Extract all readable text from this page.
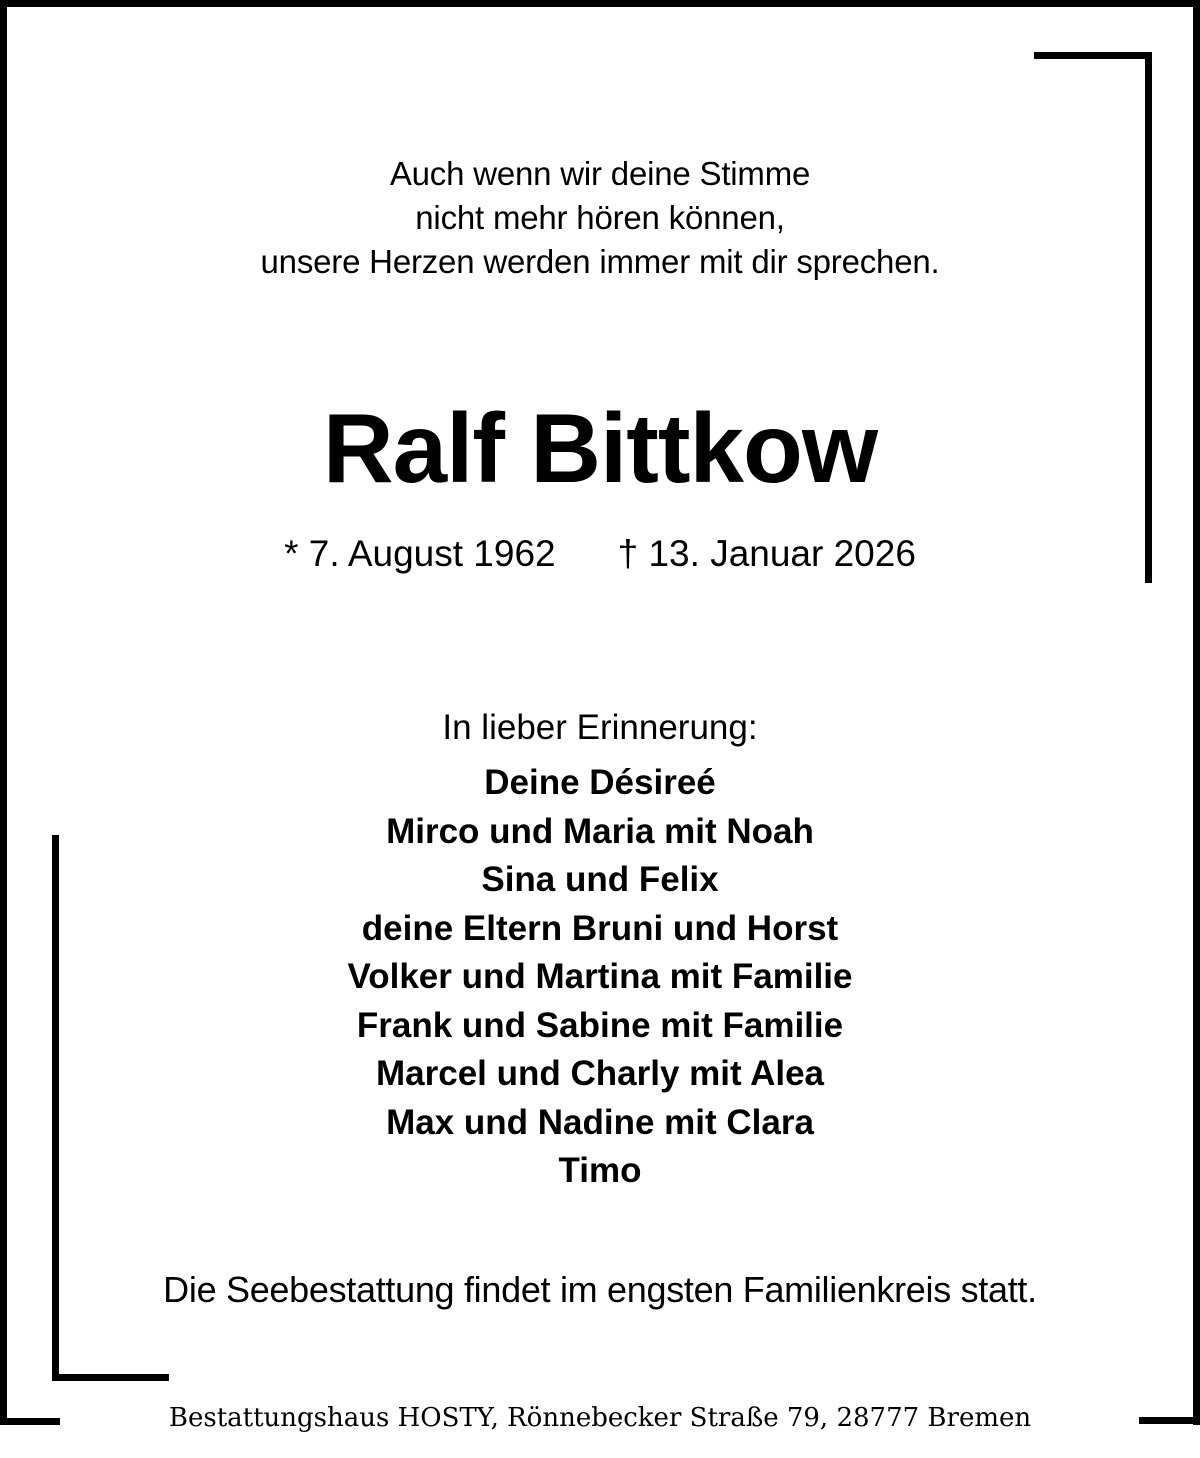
Auch wenn wir deine Stimme
nicht mehr hören können,
unsere Herzen werden immer mit dir sprechen.
Ralf Bittkow
* 7. August 1962 † 13. Januar 2026
In lieber Erinnerung:
Deine Désireé
Mirco und Maria mit Noah
Sina und Felix
deine Eltern Bruni und Horst
Volker und Martina mit Familie
Frank und Sabine mit Familie
Marcel und Charly mit Alea
Max und Nadine mit Clara
Timo
Die Seebestattung findet im engsten Familienkreis statt.
Bestattungshaus HOSTY, Rönnebecker Straße 79, 28777 Bremen
